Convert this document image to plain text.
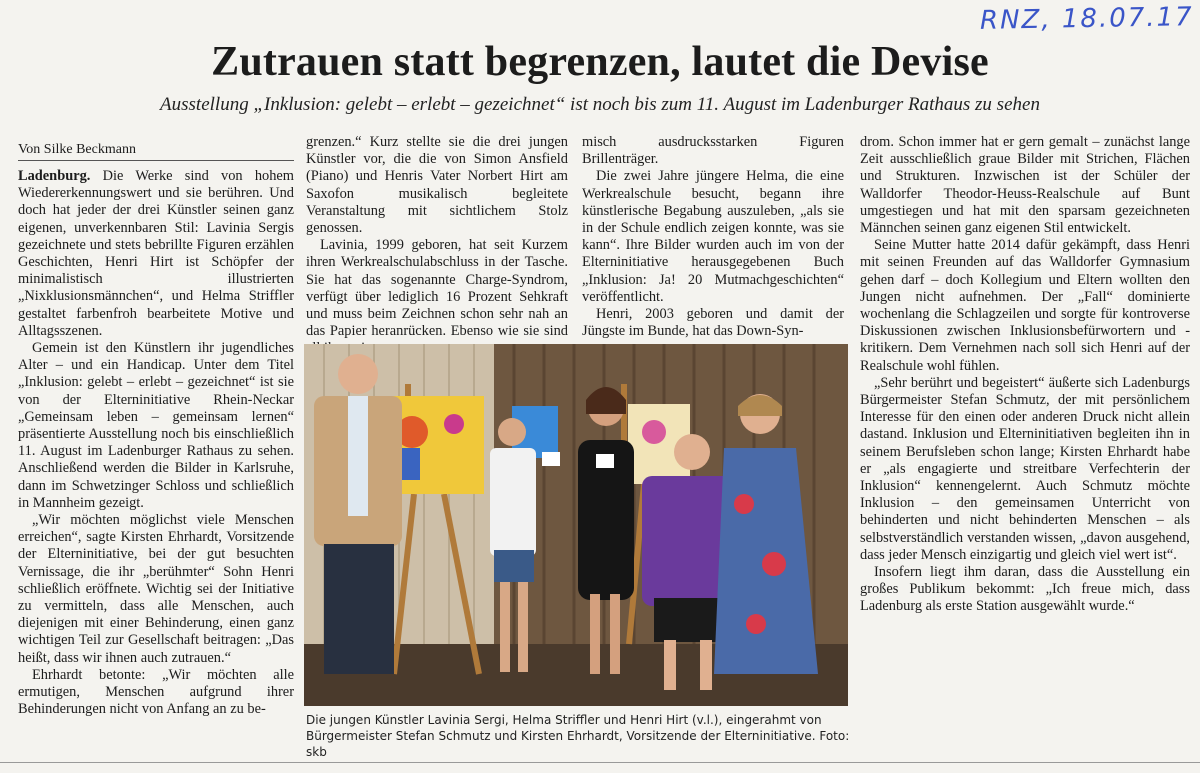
RNZ, 18.07.17
Zutrauen statt begrenzen, lautet die Devise
Ausstellung „Inklusion: gelebt – erlebt – gezeichnet“ ist noch bis zum 11. August im Ladenburger Rathaus zu sehen
Von Silke Beckmann

Ladenburg. Die Werke sind von hohem Wiedererkennungswert und sie berühren. Und doch hat jeder der drei Künstler seinen ganz eigenen, unverkennbaren Stil: Lavinia Sergis gezeichnete und stets bebrillte Figuren erzählen Geschichten, Henri Hirt ist Schöpfer der minimalistisch illustrierten „Nixklusionsmännchen“, und Helma Striffler gestaltet farbenfroh bearbeitete Motive und Alltagsszenen.

Gemein ist den Künstlern ihr jugendliches Alter – und ein Handicap. Unter dem Titel „Inklusion: gelebt – erlebt – gezeichnet“ ist sie von der Elterninitiative Rhein-Neckar „Gemeinsam leben – gemeinsam lernen“ präsentierte Ausstellung noch bis einschließlich 11. August im Ladenburger Rathaus zu sehen. Anschließend werden die Bilder in Karlsruhe, dann im Schwetzinger Schloss und schließlich in Mannheim gezeigt.

„Wir möchten möglichst viele Menschen erreichen“, sagte Kirsten Ehrhardt, Vorsitzende der Elterninitiative, bei der gut besuchten Vernissage, die ihr „berühmter“ Sohn Henri schließlich eröffnete. Wichtig sei der Initiative zu vermitteln, dass alle Menschen, auch diejenigen mit einer Behinderung, einen ganz wichtigen Teil zur Gesellschaft beitragen: „Das heißt, dass wir ihnen auch zutrauen.“

Ehrhardt betonte: „Wir möchten alle ermutigen, Menschen aufgrund ihrer Behinderungen nicht von Anfang an zu be-

grenzen.“ Kurz stellte sie die drei jungen Künstler vor, die die von Simon Ansfield (Piano) und Henris Vater Norbert Hirt am Saxofon musikalisch begleitete Veranstaltung mit sichtlichem Stolz genossen.

Lavinia, 1999 geboren, hat seit Kurzem ihren Werkrealschulabschluss in der Tasche. Sie hat das sogenannte Charge-Syndrom, verfügt über lediglich 16 Prozent Sehkraft und muss beim Zeichnen schon sehr nah an das Papier heranrücken. Ebenso wie sie sind

misch ausdrucksstarken Figuren Brillenträger.

Die zwei Jahre jüngere Helma, die eine Werkrealschule besucht, begann ihre künstlerische Begabung auszuleben, „als sie in der Schule endlich zeigen konnte, was sie kann“. Ihre Bilder wurden auch im von der Elterninitiative herausgegebenen Buch „Inklusion: Ja! 20 Mutmachgeschichten“ veröffentlicht.

Henri, 2003 geboren und damit der Jüngste im Bunde, hat das Down-Syn-

drom. Schon immer hat er gern gemalt – zunächst lange Zeit ausschließlich graue Bilder mit Strichen, Flächen und Strukturen. Inzwischen ist der Schüler der Walldorfer Theodor-Heuss-Realschule auf Bunt umgestiegen und hat mit den sparsam gezeichneten Männchen seinen ganz eigenen Stil entwickelt.

Seine Mutter hatte 2014 dafür gekämpft, dass Henri mit seinen Freunden auf das Walldorfer Gymnasium gehen darf – doch Kollegium und Eltern wollten den Jungen nicht aufnehmen. Der „Fall“ dominierte wochenlang die Schlagzeilen und sorgte für kontroverse Diskussionen zwischen Inklusionsbefürwortern und -kritikern. Dem Vernehmen nach soll sich Henri auf der Realschule wohl fühlen.

„Sehr berührt und begeistert“ äußerte sich Ladenburgs Bürgermeister Stefan Schmutz, der mit persönlichem Interesse für den einen oder anderen Druck nicht allein dastand. Inklusion und Elterninitiativen begleiten ihn in seinem Berufsleben schon lange; Kirsten Ehrhardt habe er „als engagierte und streitbare Verfechterin der Inklusion“ kennengelernt. Auch Schmutz möchte Inklusion – den gemeinsamen Unterricht von behinderten und nicht behinderten Menschen – als selbstverständlich verstanden wissen, „davon ausgehend, dass jeder Mensch einzigartig und gleich viel wert ist“.

Insofern liegt ihm daran, dass die Ausstellung ein großes Publikum bekommt: „Ich freue mich, dass Ladenburg als erste Station ausgewählt wurde.“

Die jungen Künstler Lavinia Sergi, Helma Striffler und Henri Hirt (v.l.), eingerahmt von Bürgermeister Stefan Schmutz und Kirsten Ehrhardt, Vorsitzende der Elterninitiative. Foto: skb
